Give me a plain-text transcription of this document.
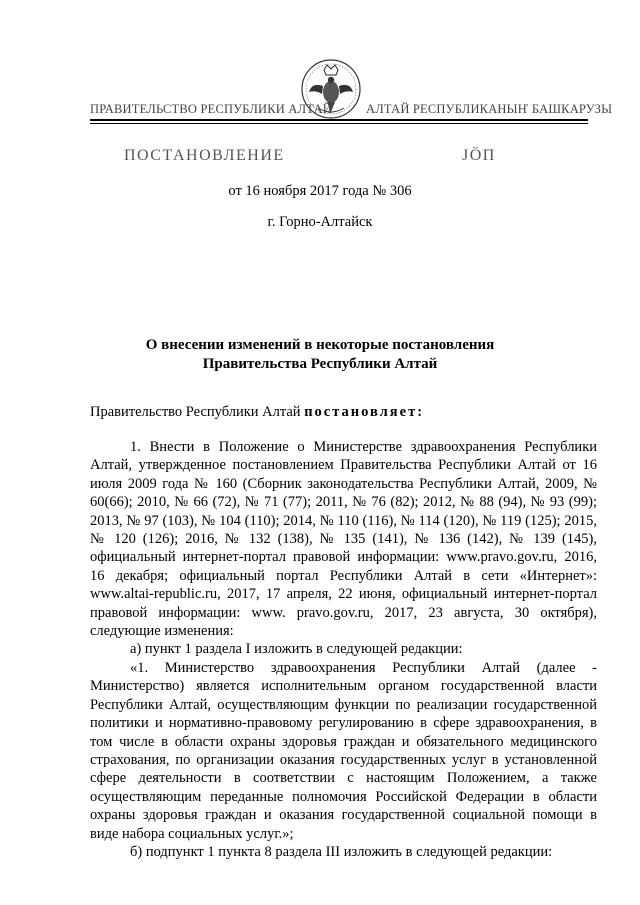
ПРАВИТЕЛЬСТВО РЕСПУБЛИКИ АЛТАЙ	АЛТАЙ РЕСПУБЛИКАНЫҤ БАШКАРУЗЫ
ПОСТАНОВЛЕНИЕ	ЈӦП
от 16 ноября 2017 года № 306
г. Горно-Алтайск
О внесении изменений в некоторые постановления Правительства Республики Алтай
Правительство Республики Алтай постановляет:

1. Внести в Положение о Министерстве здравоохранения Республики Алтай, утвержденное постановлением Правительства Республики Алтай от 16 июля 2009 года № 160 (Сборник законодательства Республики Алтай, 2009, № 60(66); 2010, № 66 (72), № 71 (77); 2011, № 76 (82); 2012, № 88 (94), № 93 (99); 2013, № 97 (103), № 104 (110); 2014, № 110 (116), № 114 (120), № 119 (125); 2015, № 120 (126); 2016, № 132 (138), № 135 (141), № 136 (142), № 139 (145), официальный интернет-портал правовой информации: www.pravo.gov.ru, 2016, 16 декабря; официальный портал Республики Алтай в сети «Интернет»: www.altai-republic.ru, 2017, 17 апреля, 22 июня, официальный интернет-портал правовой информации: www. pravo.gov.ru, 2017, 23 августа, 30 октября), следующие изменения:

а) пункт 1 раздела I изложить в следующей редакции:

«1. Министерство здравоохранения Республики Алтай (далее - Министерство) является исполнительным органом государственной власти Республики Алтай, осуществляющим функции по реализации государственной политики и нормативно-правовому регулированию в сфере здравоохранения, в том числе в области охраны здоровья граждан и обязательного медицинского страхования, по организации оказания государственных услуг в установленной сфере деятельности в соответствии с настоящим Положением, а также осуществляющим переданные полномочия Российской Федерации в области охраны здоровья граждан и оказания государственной социальной помощи в виде набора социальных услуг.»;

б) подпункт 1 пункта 8 раздела III изложить в следующей редакции:
